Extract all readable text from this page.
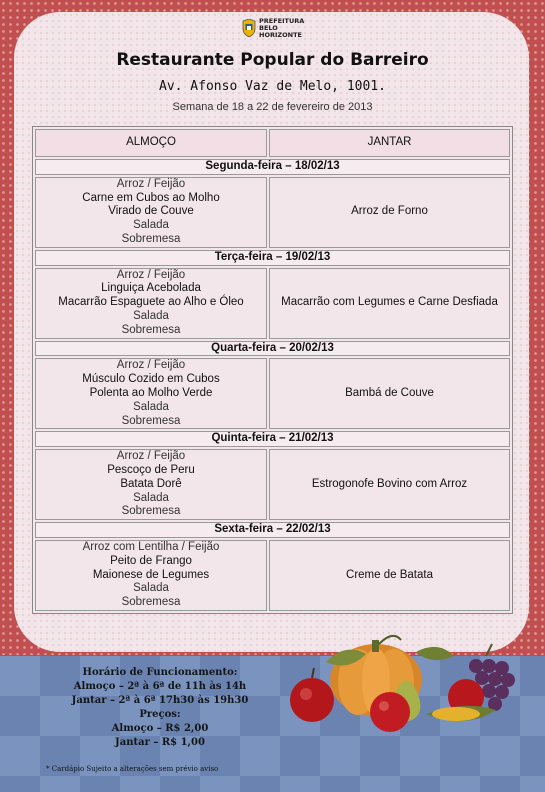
PREFEITURA
BELO HORIZONTE
Restaurante Popular do Barreiro
Av. Afonso Vaz de Melo, 1001.
Semana de 18 a 22 de fevereiro de 2013
ALMOÇO	JANTAR
Segunda-feira – 18/02/13	

Arroz / Feijão
Carne em Cubos ao Molho
Virado de Couve
Salada
Sobremesa	Arroz de Forno
Terça-feira – 19/02/13	

Arroz / Feijão
Linguiça Acebolada
Macarrão Espaguete ao Alho e Óleo
Salada
Sobremesa	Macarrão com Legumes e Carne Desfiada
Quarta-feira – 20/02/13	

Arroz / Feijão
Músculo Cozido em Cubos
Polenta ao Molho Verde
Salada
Sobremesa	Bambá de Couve
Quinta-feira – 21/02/13	

Arroz / Feijão
Pescoço de Peru
Batata Dorê
Salada
Sobremesa	Estrogonofe Bovino com Arroz
Sexta-feira – 22/02/13	

Arroz com Lentilha / Feijão
Peito de Frango
Maionese de Legumes
Salada
Sobremesa	Creme de Batata
Horário de Funcionamento:
Almoço – 2ª à 6ª de 11h às 14h
Jantar – 2ª à 6ª 17h30 às 19h30
Preços:
Almoço – R$ 2,00
Jantar – R$ 1,00
* Cardápio Sujeito a alterações sem prévio aviso
